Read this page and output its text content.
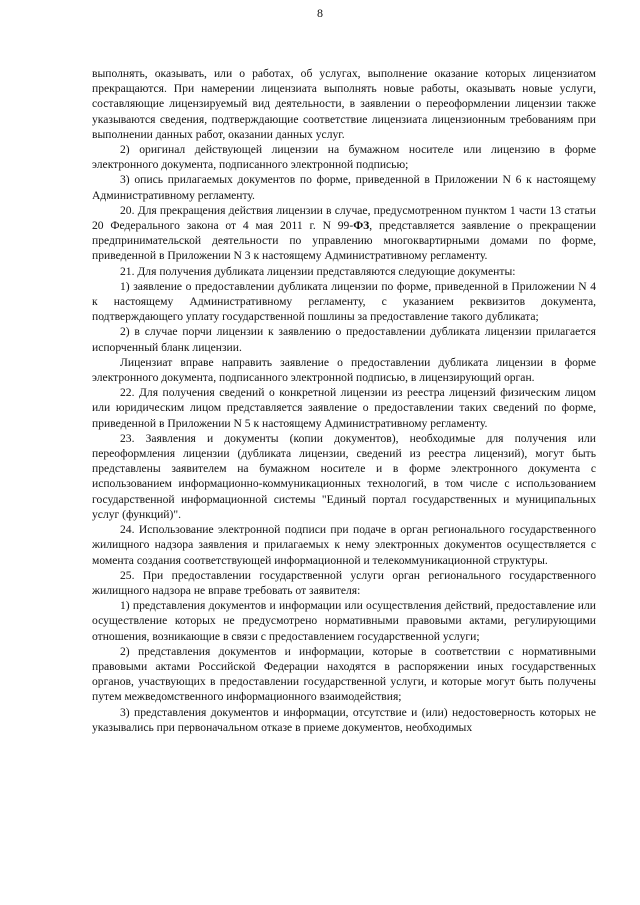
8

выполнять, оказывать, или о работах, об услугах, выполнение оказание которых лицензиатом прекращаются. При намерении лицензиата выполнять новые работы, оказывать новые услуги, составляющие лицензируемый вид деятельности, в заявлении о переоформлении лицензии также указываются сведения, подтверждающие соответствие лицензиата лицензионным требованиям при выполнении данных работ, оказании данных услуг.

2) оригинал действующей лицензии на бумажном носителе или лицензию в форме электронного документа, подписанного электронной подписью;

3) опись прилагаемых документов по форме, приведенной в Приложении N 6 к настоящему Административному регламенту.

20. Для прекращения действия лицензии в случае, предусмотренном пунктом 1 части 13 статьи 20 Федерального закона от 4 мая 2011 г. N 99-ФЗ, представляется заявление о прекращении предпринимательской деятельности по управлению многоквартирными домами по форме, приведенной в Приложении N 3 к настоящему Административному регламенту.

21. Для получения дубликата лицензии представляются следующие документы:

1) заявление о предоставлении дубликата лицензии по форме, приведенной в Приложении N 4 к настоящему Административному регламенту, с указанием реквизитов документа, подтверждающего уплату государственной пошлины за предоставление такого дубликата;

2) в случае порчи лицензии к заявлению о предоставлении дубликата лицензии прилагается испорченный бланк лицензии.

Лицензиат вправе направить заявление о предоставлении дубликата лицензии в форме электронного документа, подписанного электронной подписью, в лицензирующий орган.

22. Для получения сведений о конкретной лицензии из реестра лицензий физическим лицом или юридическим лицом представляется заявление о предоставлении таких сведений по форме, приведенной в Приложении N 5 к настоящему Административному регламенту.

23. Заявления и документы (копии документов), необходимые для получения или переоформления лицензии (дубликата лицензии, сведений из реестра лицензий), могут быть представлены заявителем на бумажном носителе и в форме электронного документа с использованием информационно-коммуникационных технологий, в том числе с использованием государственной информационной системы "Единый портал государственных и муниципальных услуг (функций)".

24. Использование электронной подписи при подаче в орган регионального государственного жилищного надзора заявления и прилагаемых к нему электронных документов осуществляется с момента создания соответствующей информационной и телекоммуникационной структуры.

25. При предоставлении государственной услуги орган регионального государственного жилищного надзора не вправе требовать от заявителя:

1) представления документов и информации или осуществления действий, предоставление или осуществление которых не предусмотрено нормативными правовыми актами, регулирующими отношения, возникающие в связи с предоставлением государственной услуги;

2) представления документов и информации, которые в соответствии с нормативными правовыми актами Российской Федерации находятся в распоряжении иных государственных органов, участвующих в предоставлении государственной услуги, и которые могут быть получены путем межведомственного информационного взаимодействия;

3) представления документов и информации, отсутствие и (или) недостоверность которых не указывались при первоначальном отказе в приеме документов, необходимых
